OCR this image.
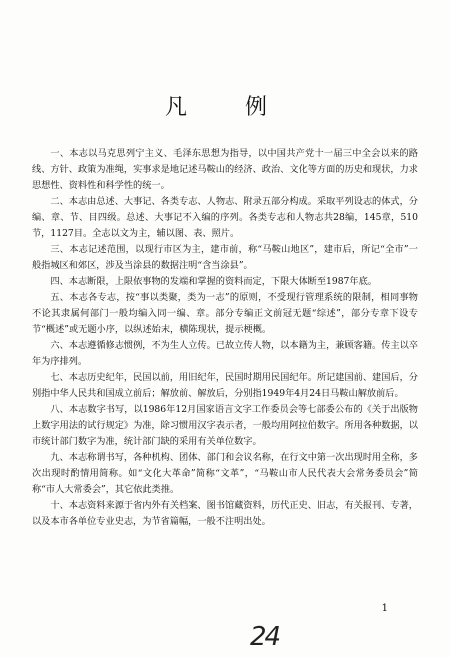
凡　例

一、本志以马克思列宁主义、毛泽东思想为指导，以中国共产党十一届三中全会以来的路线、方针、政策为准绳，实事求是地记述马鞍山的经济、政治、文化等方面的历史和现状，力求思想性、资料性和科学性的统一。

二、本志由总述、大事记、各类专志、人物志、附录五部分构成。采取平列设志的体式，分编、章、节、目四级。总述、大事记不入编的序列。各类专志和人物志共28编，145章，510节，1127目。全志以文为主，辅以图、表、照片。

三、本志记述范围，以现行市区为主，建市前，称“马鞍山地区”，建市后，所记“全市”一般指城区和郊区，涉及当涂县的数据注明“含当涂县”。

四、本志断限，上限依事物的发端和掌握的资料而定，下限大体断至1987年底。

五、本志各专志，按“事以类聚，类为一志”的原则，不受现行管理系统的限制，相同事物不论其隶属何部门一般均编入同一编、章。部分专编正文前冠无题“综述”，部分专章下设专节“概述”或无题小序，以纵述始末，横陈现状，提示梗概。

六、本志遵循修志惯例，不为生人立传。已故立传人物，以本籍为主，兼顾客籍。传主以卒年为序排列。

七、本志历史纪年，民国以前，用旧纪年，民国时期用民国纪年。所记建国前、建国后，分别指中华人民共和国成立前后；解放前、解放后，分别指1949年4月24日马鞍山解放前后。

八、本志数字书写，以1986年12月国家语言文字工作委员会等七部委公布的《关于出版物上数字用法的试行规定》为准，除习惯用汉字表示者，一般均用阿拉伯数字。所用各种数据，以市统计部门数字为准，统计部门缺的采用有关单位数字。

九、本志称谓书写，各种机构、团体、部门和会议名称，在行文中第一次出现时用全称，多次出现时酌情用简称。如“文化大革命”简称“文革”，“马鞍山市人民代表大会常务委员会”简称“市人大常委会”，其它依此类推。

十、本志资料来源于省内外有关档案、图书馆藏资料，历代正史、旧志，有关报刊、专著，以及本市各单位专业史志，为节省篇幅，一般不注明出处。

1
24
